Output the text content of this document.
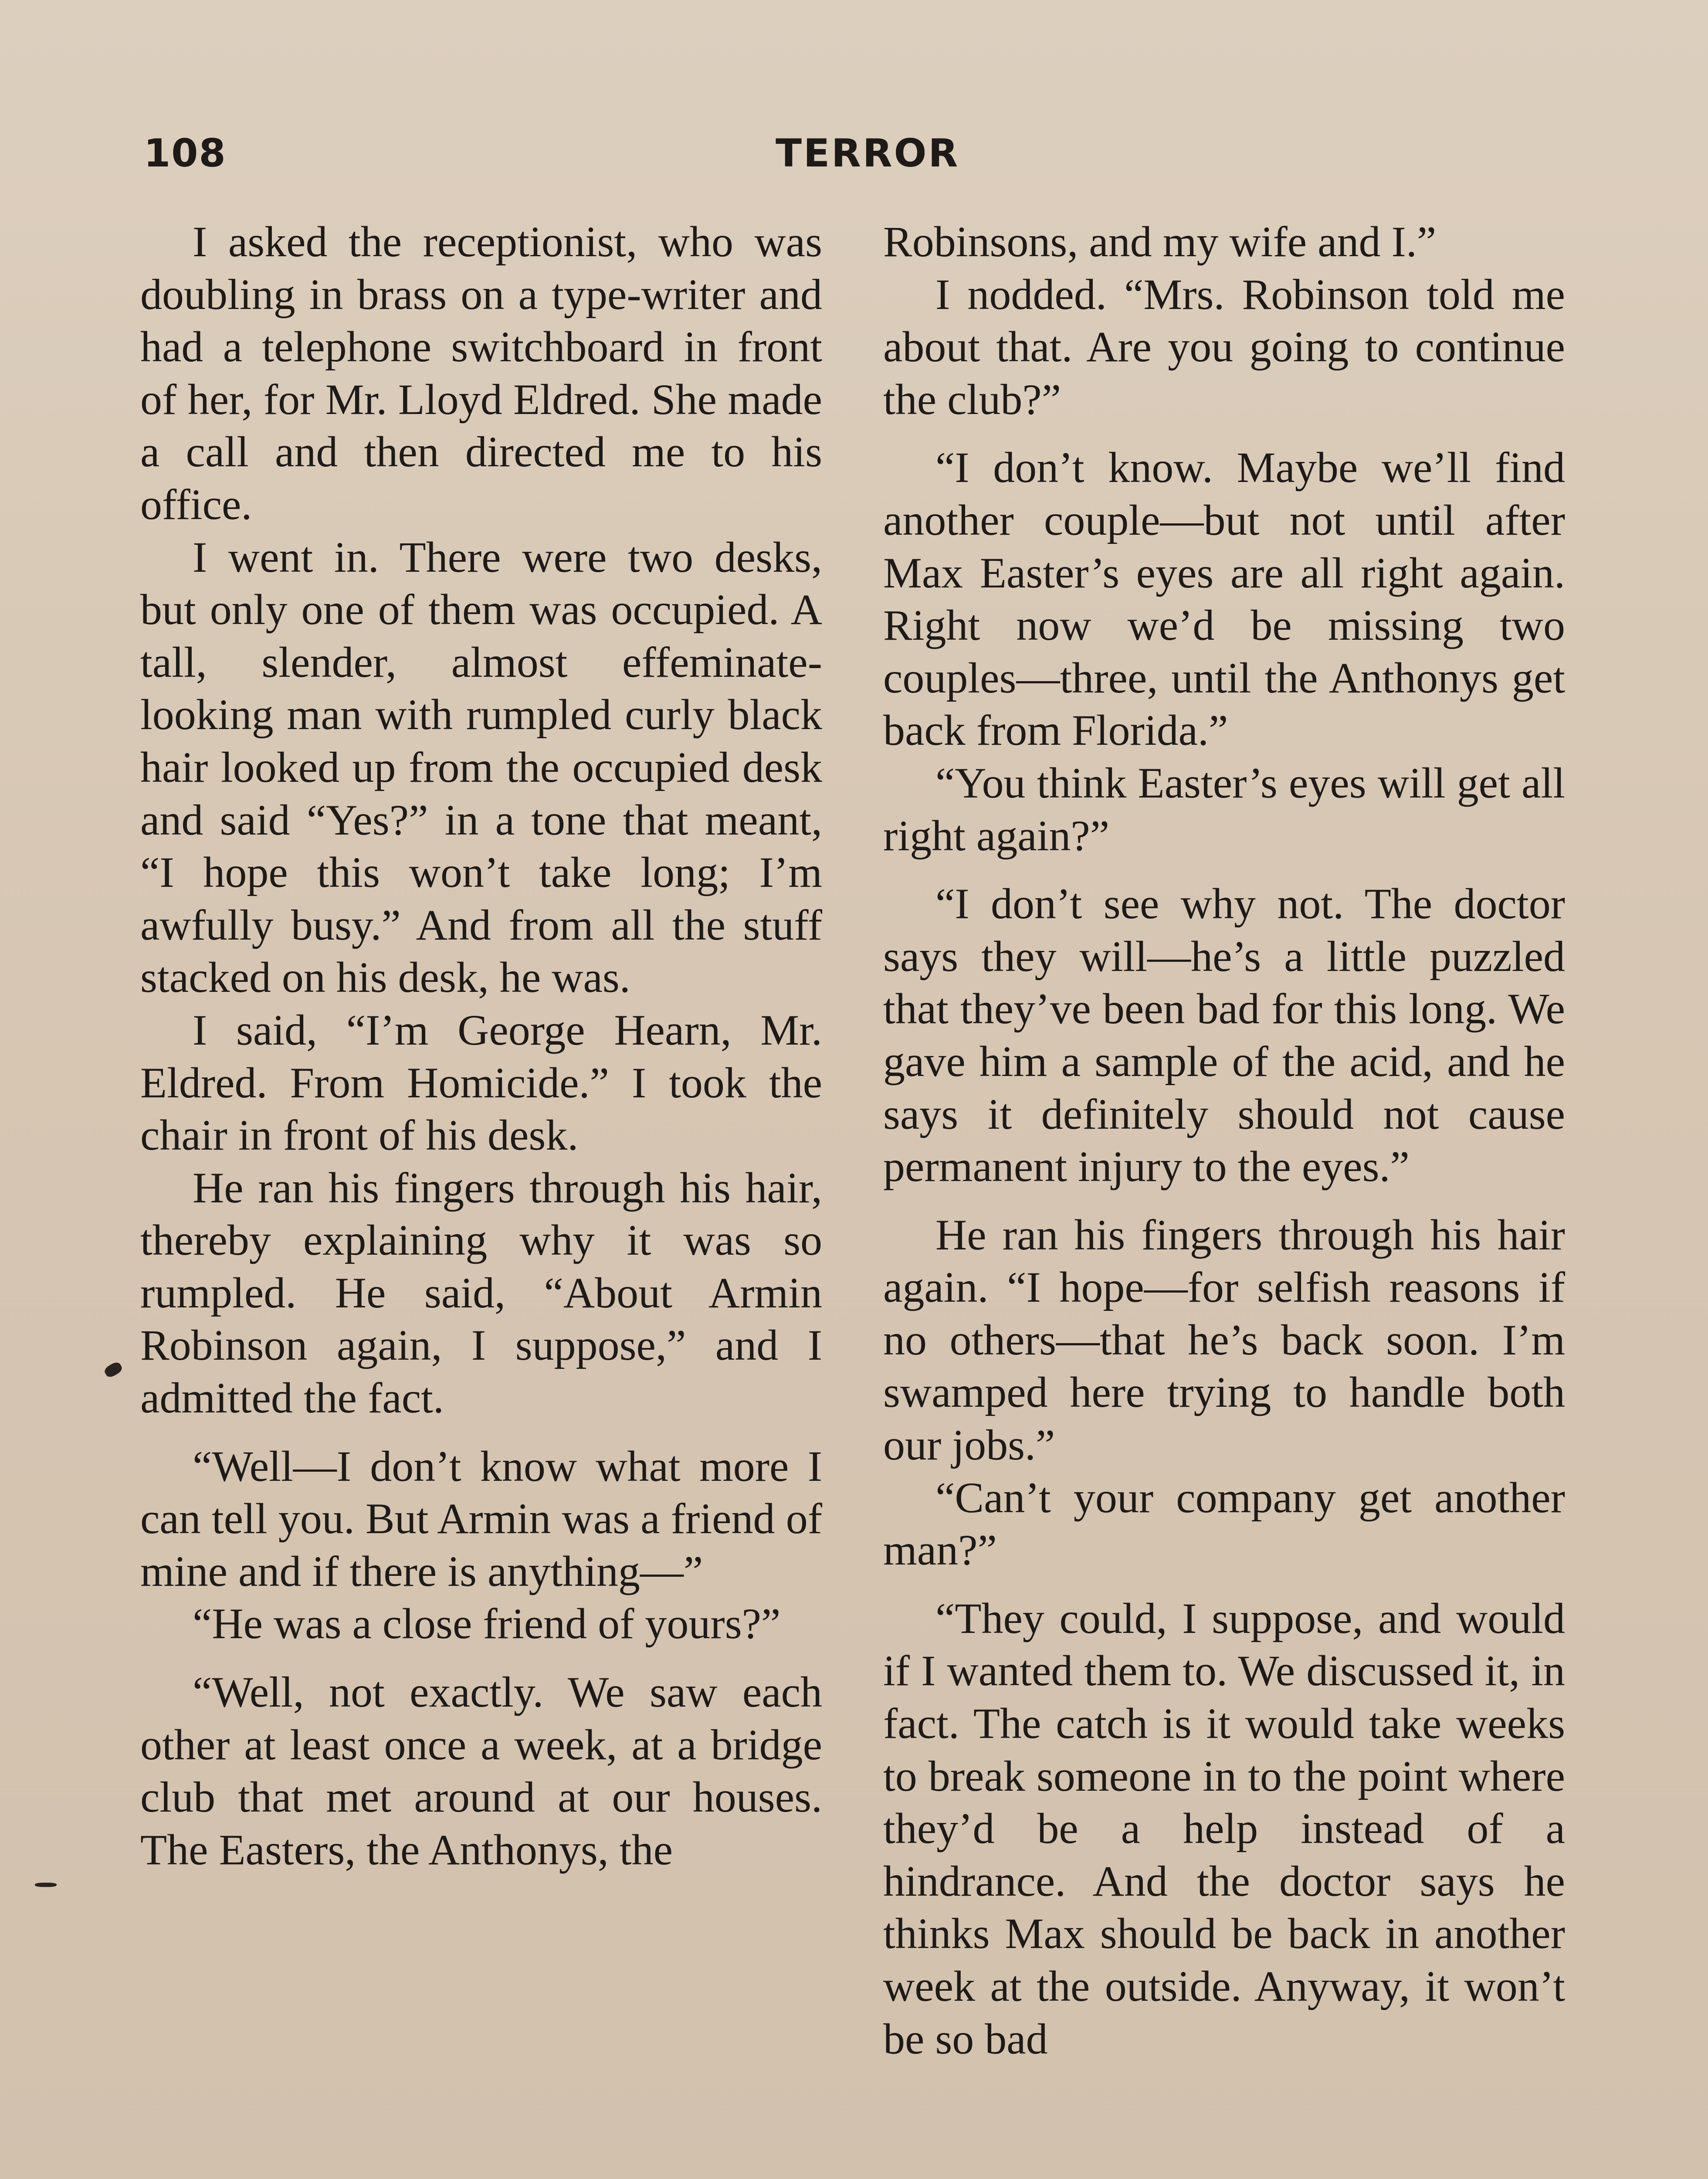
108	TERROR

I asked the receptionist, who was doubling in brass on a type-writer and had a telephone switchboard in front of her, for Mr. Lloyd Eldred. She made a call and then directed me to his office.

I went in. There were two desks, but only one of them was occupied. A tall, slender, almost effeminate-looking man with rumpled curly black hair looked up from the occupied desk and said “Yes?” in a tone that meant, “I hope this won’t take long; I’m awfully busy.” And from all the stuff stacked on his desk, he was.

I said, “I’m George Hearn, Mr. Eldred. From Homicide.” I took the chair in front of his desk.

He ran his fingers through his hair, thereby explaining why it was so rumpled. He said, “About Armin Robinson again, I suppose,” and I admitted the fact.

“Well—I don’t know what more I can tell you. But Armin was a friend of mine and if there is anything—”

“He was a close friend of yours?”

“Well, not exactly. We saw each other at least once a week, at a bridge club that met around at our houses. The Easters, the Anthonys, the

Robinsons, and my wife and I.”

I nodded. “Mrs. Robinson told me about that. Are you going to continue the club?”

“I don’t know. Maybe we’ll find another couple—but not until after Max Easter’s eyes are all right again. Right now we’d be missing two couples—three, until the Anthonys get back from Florida.”

“You think Easter’s eyes will get all right again?”

“I don’t see why not. The doctor says they will—he’s a little puzzled that they’ve been bad for this long. We gave him a sample of the acid, and he says it definitely should not cause permanent injury to the eyes.”

He ran his fingers through his hair again. “I hope—for selfish reasons if no others—that he’s back soon. I’m swamped here trying to handle both our jobs.”

“Can’t your company get another man?”

“They could, I suppose, and would if I wanted them to. We discussed it, in fact. The catch is it would take weeks to break someone in to the point where they’d be a help instead of a hindrance. And the doctor says he thinks Max should be back in another week at the outside. Anyway, it won’t be so bad
